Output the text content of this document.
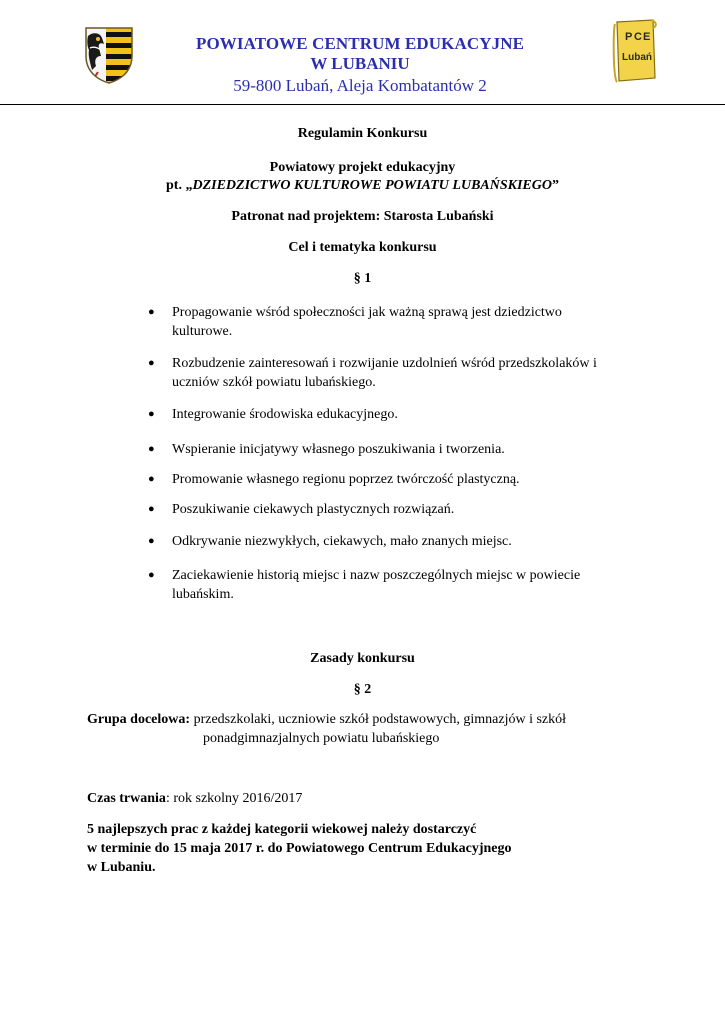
POWIATOWE CENTRUM EDUKACYJNE
W LUBANIU
59-800 Lubań, Aleja Kombatantów 2
P C E
Lubań
Regulamin Konkursu
Powiatowy projekt edukacyjny
pt. „DZIEDZICTWO KULTUROWE POWIATU LUBAŃSKIEGO”
Patronat nad projektem: Starosta Lubański
Cel i tematyka konkursu
§ 1
●	Propagowanie wśród społeczności jak ważną sprawą jest dziedzictwo kulturowe.
●	Rozbudzenie zainteresowań i rozwijanie uzdolnień wśród przedszkolaków i uczniów szkół powiatu lubańskiego.
●	Integrowanie środowiska edukacyjnego.
●	Wspieranie inicjatywy własnego poszukiwania i tworzenia.
●	Promowanie własnego regionu poprzez twórczość plastyczną.
●	Poszukiwanie ciekawych plastycznych rozwiązań.
●	Odkrywanie niezwykłych, ciekawych, mało znanych miejsc.
●	Zaciekawienie historią miejsc i nazw poszczególnych miejsc w powiecie lubańskim.
Zasady konkursu
§ 2
Grupa docelowa: przedszkolaki, uczniowie szkół podstawowych, gimnazjów i szkół
ponadgimnazjalnych powiatu lubańskiego
Czas trwania: rok szkolny 2016/2017
5 najlepszych prac z każdej kategorii wiekowej należy dostarczyć
w terminie do 15 maja 2017 r. do Powiatowego Centrum Edukacyjnego
w Lubaniu.
